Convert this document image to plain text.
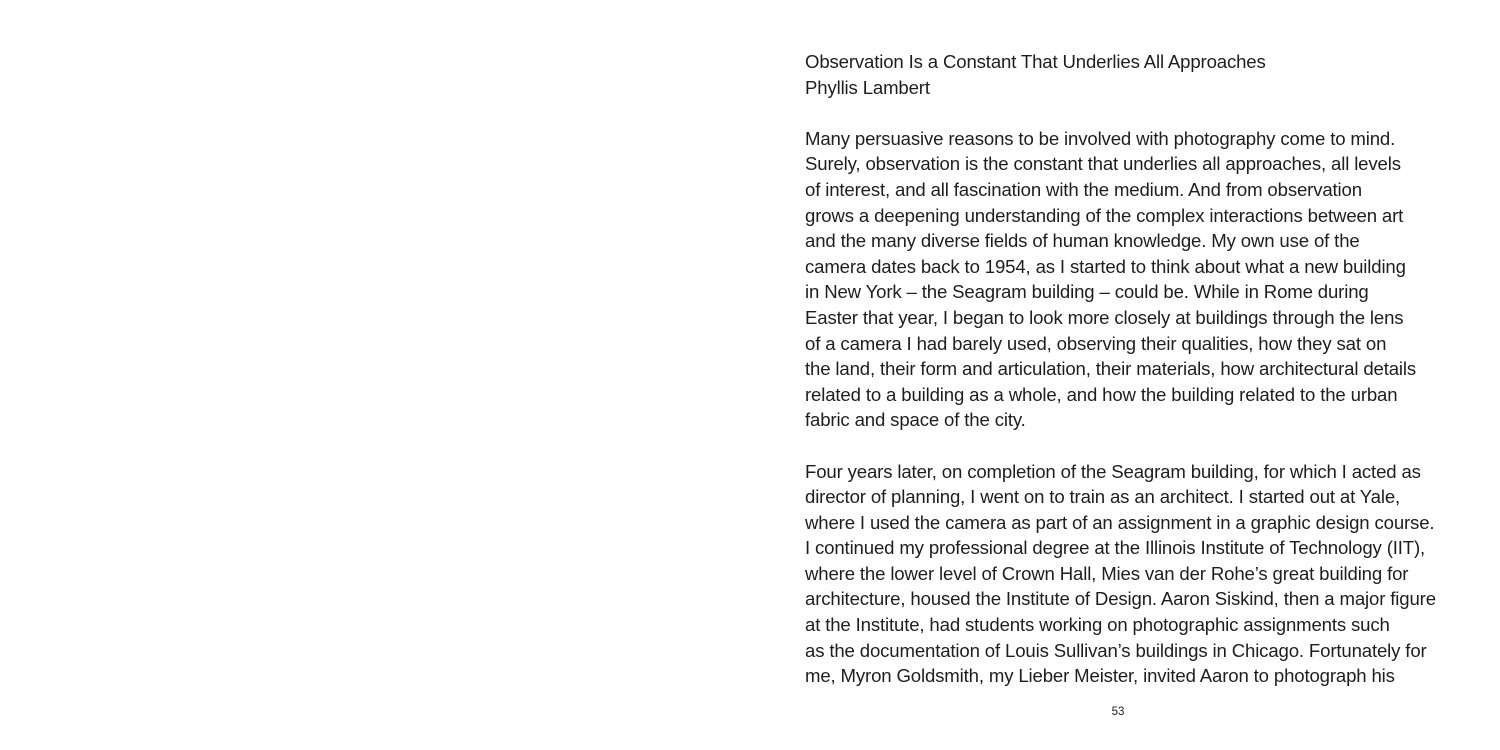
Observation Is a Constant That Underlies All Approaches
Phyllis Lambert
Many persuasive reasons to be involved with photography come to mind.
Surely, observation is the constant that underlies all approaches, all levels
of interest, and all fascination with the medium. And from observation
grows a deepening understanding of the complex interactions between art
and the many diverse fields of human knowledge. My own use of the
camera dates back to 1954, as I started to think about what a new building
in New York – the Seagram building – could be. While in Rome during
Easter that year, I began to look more closely at buildings through the lens
of a camera I had barely used, observing their qualities, how they sat on
the land, their form and articulation, their materials, how architectural details
related to a building as a whole, and how the building related to the urban
fabric and space of the city.
Four years later, on completion of the Seagram building, for which I acted as
director of planning, I went on to train as an architect. I started out at Yale,
where I used the camera as part of an assignment in a graphic design course.
I continued my professional degree at the Illinois Institute of Technology (IIT),
where the lower level of Crown Hall, Mies van der Rohe’s great building for
architecture, housed the Institute of Design. Aaron Siskind, then a major figure
at the Institute, had students working on photographic assignments such
as the documentation of Louis Sullivan’s buildings in Chicago. Fortunately for
me, Myron Goldsmith, my Lieber Meister, invited Aaron to photograph his
53
